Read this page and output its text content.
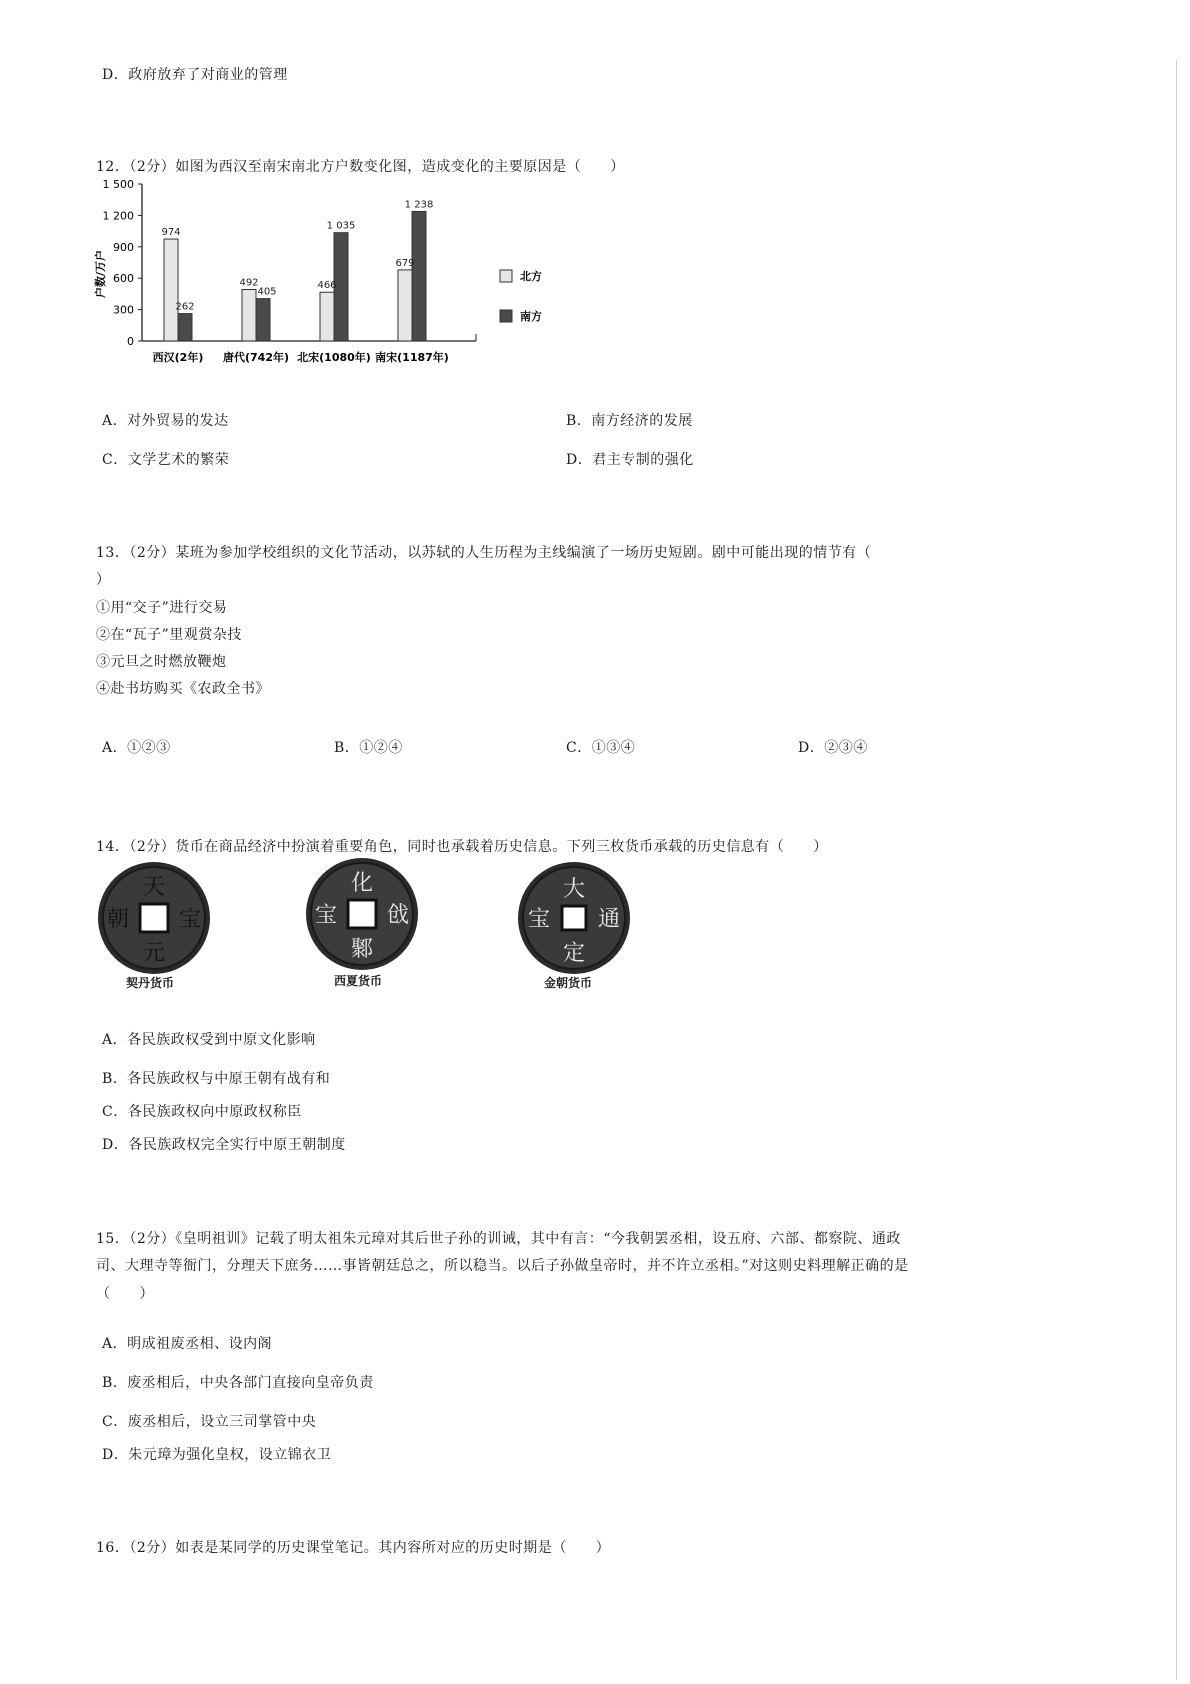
D．政府放弃了对商业的管理
12．（2分）如图为西汉至南宋南北方户数变化图，造成变化的主要原因是（　　）
0
300
600
900
1 200
1 500
户数/万户
974
262
492
405
466
1 035
679
1 238
西汉(2年) 唐代(742年) 北宋(1080年) 南宋(1187年)
北方
南方
A．对外贸易的发达	B．南方经济的发展
C．文学艺术的繁荣	D．君主专制的强化
13．（2分）某班为参加学校组织的文化节活动，以苏轼的人生历程为主线编演了一场历史短剧。剧中可能出现的情节有（
）
①用“交子”进行交易
②在“瓦子”里观赏杂技
③元旦之时燃放鞭炮
④赴书坊购买《农政全书》
A．①②③	B．①②④	C．①③④	D．②③④
14．（2分）货币在商品经济中扮演着重要角色，同时也承载着历史信息。下列三枚货币承载的历史信息有（　　）
天
元
宝
朝
契丹货币
化
戗
宝
鄹
西夏货币
大
定
通
宝
金朝货币
A．各民族政权受到中原文化影响
B．各民族政权与中原王朝有战有和
C．各民族政权向中原政权称臣
D．各民族政权完全实行中原王朝制度
15．（2分）《皇明祖训》记载了明太祖朱元璋对其后世子孙的训诫，其中有言：“今我朝罢丞相，设五府、六部、都察院、通政
司、大理寺等衙门，分理天下庶务……事皆朝廷总之，所以稳当。以后子孙做皇帝时，并不许立丞相。”对这则史料理解正确的是
（　　）
A．明成祖废丞相、设内阁
B．废丞相后，中央各部门直接向皇帝负责
C．废丞相后，设立三司掌管中央
D．朱元璋为强化皇权，设立锦衣卫
16．（2分）如表是某同学的历史课堂笔记。其内容所对应的历史时期是（　　）
